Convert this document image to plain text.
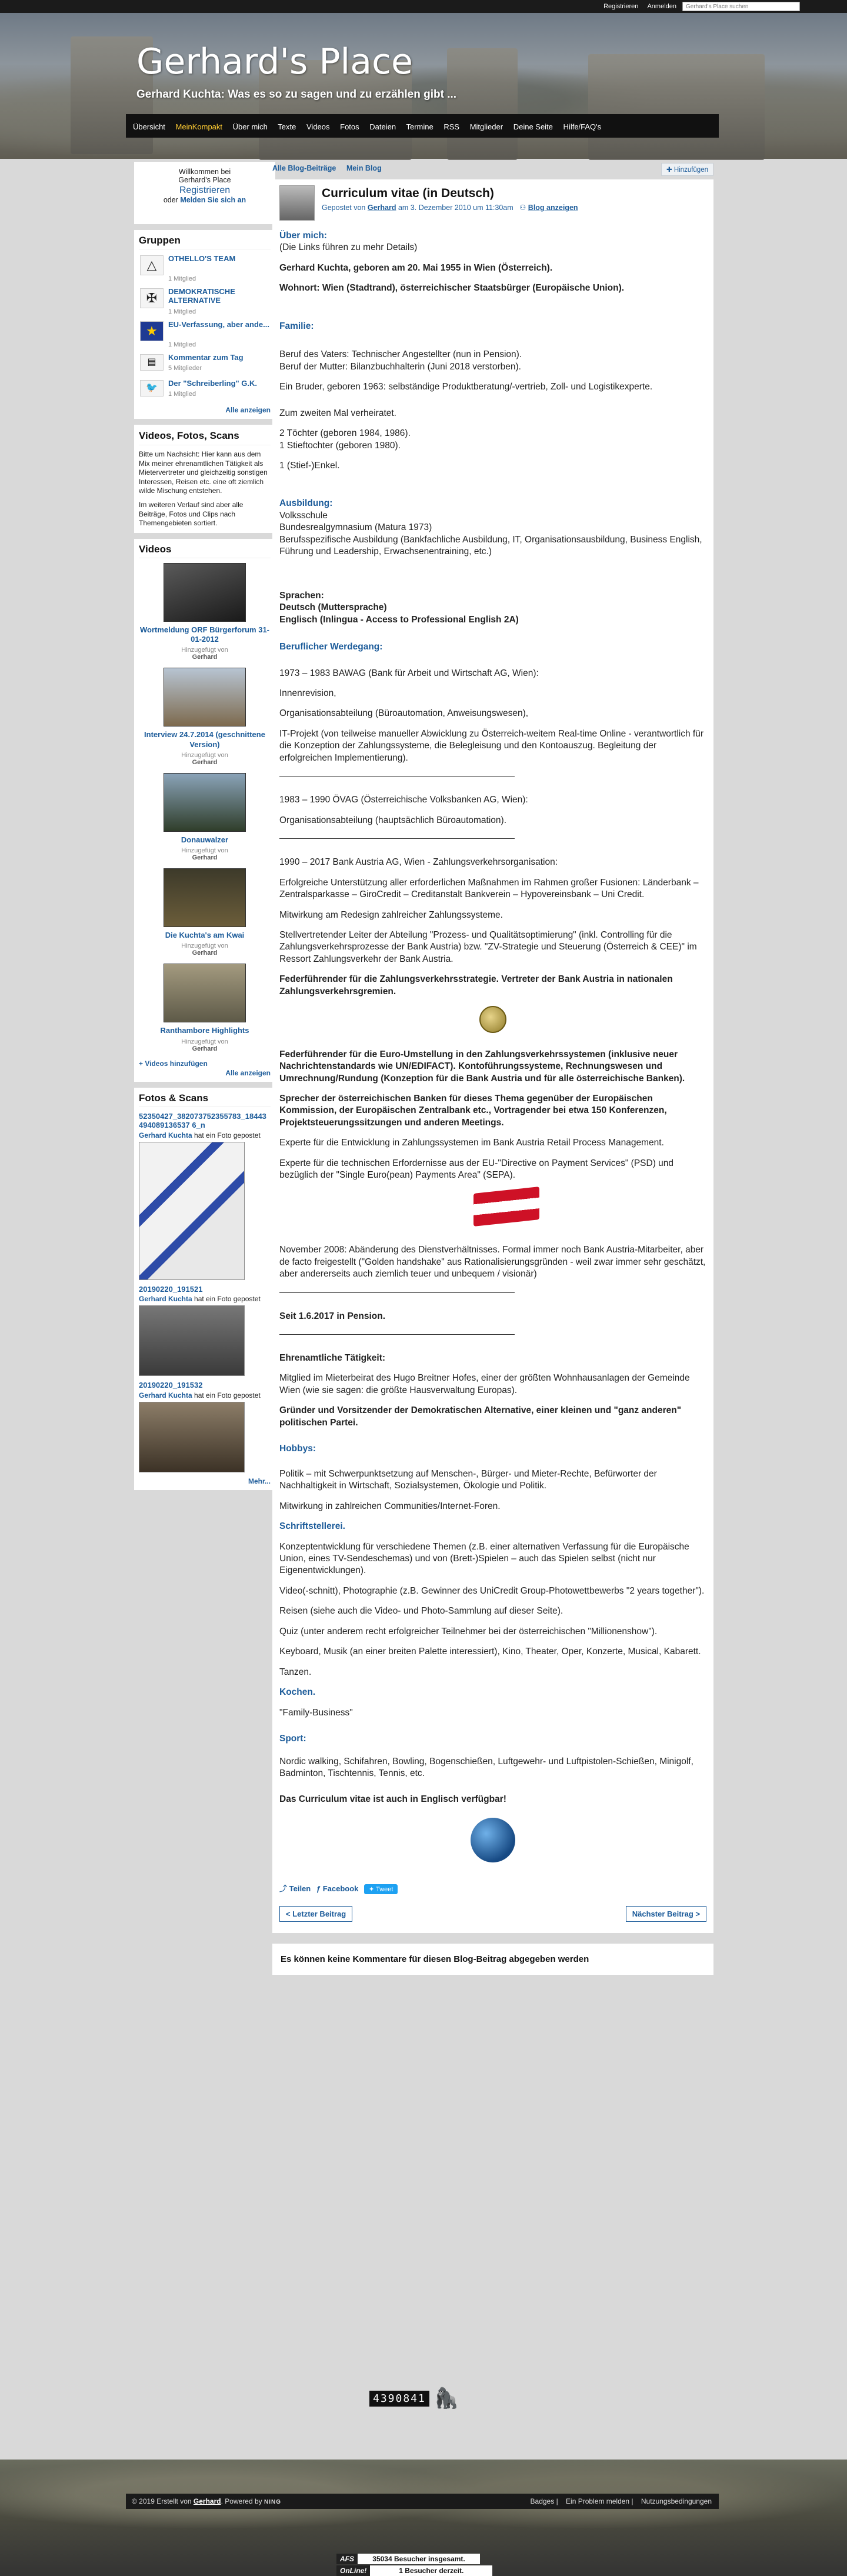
Registrieren Anmelden
Gerhard's Place suchen
Gerhard's Place
Gerhard Kuchta: Was es so zu sagen und zu erzählen gibt ...
Übersicht MeinKompakt Über mich Texte Videos Fotos Dateien Termine RSS Mitglieder Deine Seite Hilfe/FAQ's
Willkommen bei
Gerhard's Place
Registrieren
oder Melden Sie sich an
Gruppen
△	OTHELLO'S TEAM
1 Mitglied
✠	DEMOKRATISCHE ALTERNATIVE
1 Mitglied
★	EU-Verfassung, aber ande...
1 Mitglied
▤	Kommentar zum Tag
5 Mitglieder
🐦	Der "Schreiberling" G.K.
1 Mitglied
Alle anzeigen
Videos, Fotos, Scans

Bitte um Nachsicht: Hier kann aus dem Mix meiner ehrenamtlichen Tätigkeit als Mietervertreter und gleichzeitig sonstigen Interessen, Reisen etc. eine oft ziemlich wilde Mischung entstehen.

Im weiteren Verlauf sind aber alle Beiträge, Fotos und Clips nach Themengebieten sortiert.

Videos
Wortmeldung ORF Bürgerforum 31-01-2012
Hinzugefügt von
Gerhard
Interview 24.7.2014 (geschnittene Version)
Hinzugefügt von
Gerhard
Donauwalzer
Hinzugefügt von
Gerhard
Die Kuchta's am Kwai
Hinzugefügt von
Gerhard
Ranthambore Highlights
Hinzugefügt von
Gerhard
+ Videos hinzufügen
Alle anzeigen
Fotos & Scans
52350427_382073752355783_18443494089136537 6_n
Gerhard Kuchta hat ein Foto gepostet
20190220_191521
Gerhard Kuchta hat ein Foto gepostet
20190220_191532
Gerhard Kuchta hat ein Foto gepostet
Mehr...
Alle Blog-Beiträge Mein Blog	✚ Hinzufügen
Curriculum vitae (in Deutsch)
Gepostet von Gerhard am 3. Dezember 2010 um 11:30am ⚇ Blog anzeigen

Über mich:
(Die Links führen zu mehr Details)

Gerhard Kuchta, geboren am 20. Mai 1955 in Wien (Österreich).

Wohnort: Wien (Stadtrand), österreichischer Staatsbürger (Europäische Union).

Familie:

Beruf des Vaters: Technischer Angestellter (nun in Pension).
Beruf der Mutter: Bilanzbuchhalterin (Juni 2018 verstorben).

Ein Bruder, geboren 1963: selbständige Produktberatung/-vertrieb, Zoll- und Logistikexperte.

Zum zweiten Mal verheiratet.

2 Töchter (geboren 1984, 1986).
1 Stieftochter (geboren 1980).

1 (Stief-)Enkel.

Ausbildung:
Volksschule
Bundesrealgymnasium (Matura 1973)
Berufsspezifische Ausbildung (Bankfachliche Ausbildung, IT, Organisationsausbildung, Business English, Führung und Leadership, Erwachsenentraining, etc.)

Sprachen:
Deutsch (Muttersprache)
Englisch (Inlingua - Access to Professional English 2A)

Beruflicher Werdegang:

1973 – 1983 BAWAG (Bank für Arbeit und Wirtschaft AG, Wien):

Innenrevision,

Organisationsabteilung (Büroautomation, Anweisungswesen),

IT-Projekt (von teilweise manueller Abwicklung zu Österreich-weitem Real-time Online - verantwortlich für die Konzeption der Zahlungssysteme, die Belegleisung und den Kontoauszug. Begleitung der erfolgreichen Implementierung).

1983 – 1990 ÖVAG (Österreichische Volksbanken AG, Wien):

Organisationsabteilung (hauptsächlich Büroautomation).

1990 – 2017 Bank Austria AG, Wien - Zahlungsverkehrsorganisation:

Erfolgreiche Unterstützung aller erforderlichen Maßnahmen im Rahmen großer Fusionen: Länderbank – Zentralsparkasse – GiroCredit – Creditanstalt Bankverein – Hypovereinsbank – Uni Credit.

Mitwirkung am Redesign zahlreicher Zahlungssysteme.

Stellvertretender Leiter der Abteilung "Prozess- und Qualitätsoptimierung" (inkl. Controlling für die Zahlungsverkehrsprozesse der Bank Austria) bzw. "ZV-Strategie und Steuerung (Österreich & CEE)" im Ressort Zahlungsverkehr der Bank Austria.

Federführender für die Zahlungsverkehrsstrategie. Vertreter der Bank Austria in nationalen Zahlungsverkehrsgremien.

Federführender für die Euro-Umstellung in den Zahlungsverkehrssystemen (inklusive neuer Nachrichtenstandards wie UN/EDIFACT). Kontoführungssysteme, Rechnungswesen und Umrechnung/Rundung (Konzeption für die Bank Austria und für alle österreichische Banken).

Sprecher der österreichischen Banken für dieses Thema gegenüber der Europäischen Kommission, der Europäischen Zentralbank etc., Vortragender bei etwa 150 Konferenzen, Projektsteuerungssitzungen und anderen Meetings.

Experte für die Entwicklung in Zahlungssystemen im Bank Austria Retail Process Management.

Experte für die technischen Erfordernisse aus der EU-"Directive on Payment Services" (PSD) und bezüglich der "Single Euro(pean) Payments Area" (SEPA).

November 2008: Abänderung des Dienstverhältnisses. Formal immer noch Bank Austria-Mitarbeiter, aber de facto freigestellt ("Golden handshake" aus Rationalisierungsgründen - weil zwar immer sehr geschätzt, aber andererseits auch ziemlich teuer und unbequem / visionär)

Seit 1.6.2017 in Pension.

Ehrenamtliche Tätigkeit:

Mitglied im Mieterbeirat des Hugo Breitner Hofes, einer der größten Wohnhausanlagen der Gemeinde Wien (wie sie sagen: die größte Hausverwaltung Europas).

Gründer und Vorsitzender der Demokratischen Alternative, einer kleinen und "ganz anderen" politischen Partei.

Hobbys:

Politik – mit Schwerpunktsetzung auf Menschen-, Bürger- und Mieter-Rechte, Befürworter der Nachhaltigkeit in Wirtschaft, Sozialsystemen, Ökologie und Politik.

Mitwirkung in zahlreichen Communities/Internet-Foren.

Schriftstellerei.

Konzeptentwicklung für verschiedene Themen (z.B. einer alternativen Verfassung für die Europäische Union, eines TV-Sendeschemas) und von (Brett-)Spielen – auch das Spielen selbst (nicht nur Eigenentwicklungen).

Video(-schnitt), Photographie (z.B. Gewinner des UniCredit Group-Photowettbewerbs "2 years together").

Reisen (siehe auch die Video- und Photo-Sammlung auf dieser Seite).

Quiz (unter anderem recht erfolgreicher Teilnehmer bei der österreichischen "Millionenshow").

Keyboard, Musik (an einer breiten Palette interessiert), Kino, Theater, Oper, Konzerte, Musical, Kabarett.

Tanzen.

Kochen.

"Family-Business"

Sport:

Nordic walking, Schifahren, Bowling, Bogenschießen, Luftgewehr- und Luftpistolen-Schießen, Minigolf, Badminton, Tischtennis, Tennis, etc.

Das Curriculum vitae ist auch in Englisch verfügbar!

⤴ Teilen ƒ Facebook ✦ Tweet
< Letzter Beitrag	Nächster Beitrag >
Es können keine Kommentare für diesen Blog-Beitrag abgegeben werden
4390841 🦍
© 2019 Erstellt von Gerhard. Powered by NING	Badges | Ein Problem melden | Nutzungsbedingungen
AFS	35034 Besucher insgesamt.
OnLine!	1 Besucher derzeit.
